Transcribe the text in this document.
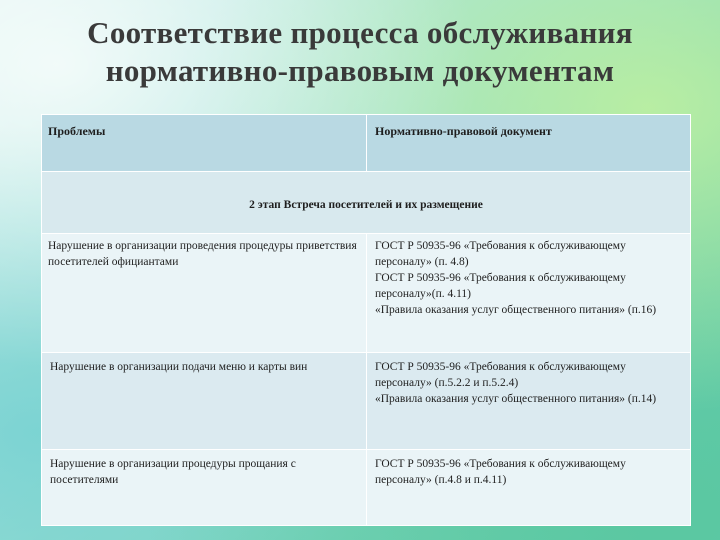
Соответствие процесса обслуживания
нормативно-правовым документам
Проблемы	Нормативно-правовой документ
2 этап Встреча посетителей и их размещение	
Нарушение в организации проведения процедуры приветствия посетителей официантами	ГОСТ Р 50935-96 «Требования к обслуживающему персоналу» (п. 4.8)
ГОСТ Р 50935-96 «Требования к обслуживающему персоналу»(п. 4.11)
«Правила оказания услуг общественного питания» (п.16)

Нарушение в организации подачи меню и карты вин	ГОСТ Р 50935-96 «Требования к обслуживающему персоналу» (п.5.2.2 и п.5.2.4)
«Правила оказания услуг общественного питания» (п.14)

Нарушение в организации процедуры прощания с посетителями	ГОСТ Р 50935-96 «Требования к обслуживающему персоналу» (п.4.8 и п.4.11)
